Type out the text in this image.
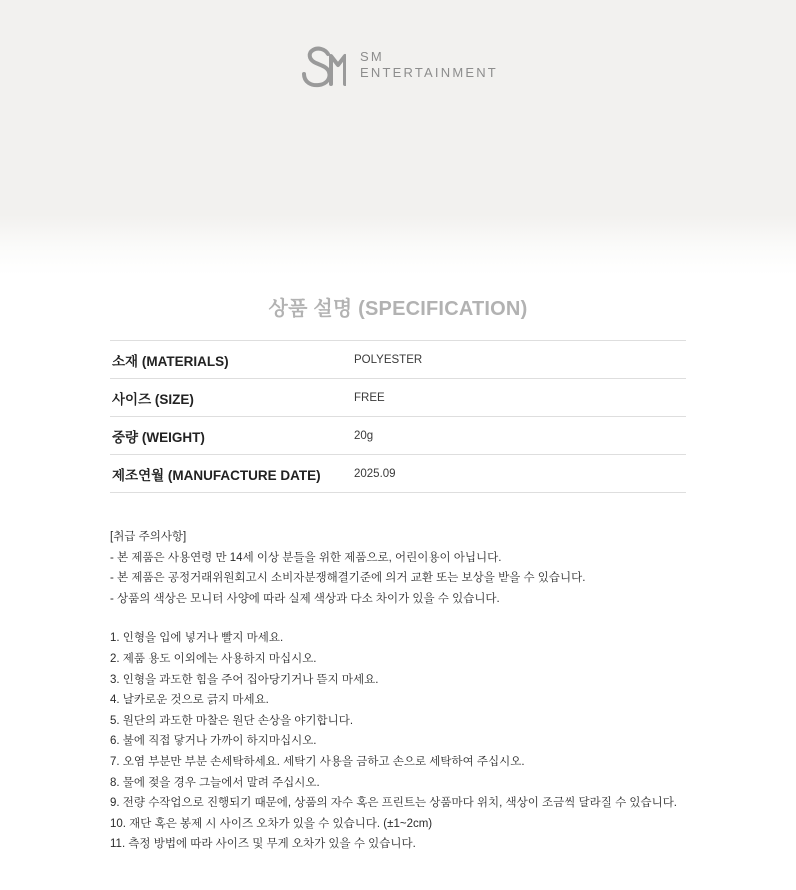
SM
ENTERTAINMENT
상품 설명 (SPECIFICATION)
소재 (MATERIALS)	POLYESTER
사이즈 (SIZE)	FREE
중량 (WEIGHT)	20g
제조연월 (MANUFACTURE DATE)	2025.09
[취급 주의사항]
- 본 제품은 사용연령 만 14세 이상 분들을 위한 제품으로, 어린이용이 아닙니다.
- 본 제품은 공정거래위원회고시 소비자분쟁해결기준에 의거 교환 또는 보상을 받을 수 있습니다.
- 상품의 색상은 모니터 사양에 따라 실제 색상과 다소 차이가 있을 수 있습니다.
1. 인형을 입에 넣거나 빨지 마세요.
2. 제품 용도 이외에는 사용하지 마십시오.
3. 인형을 과도한 힘을 주어 집아당기거나 뜯지 마세요.
4. 날카로운 것으로 긁지 마세요.
5. 원단의 과도한 마찰은 원단 손상을 야기합니다.
6. 불에 직접 닿거나 가까이 하지마십시오.
7. 오염 부분만 부분 손세탁하세요. 세탁기 사용을 금하고 손으로 세탁하여 주십시오.
8. 물에 젖을 경우 그늘에서 말려 주십시오.
9. 전량 수작업으로 진행되기 때문에, 상품의 자수 혹은 프린트는 상품마다 위치, 색상이 조금씩 달라질 수 있습니다.
10. 재단 혹은 봉제 시 사이즈 오차가 있을 수 있습니다. (±1~2cm)
11. 측정 방법에 따라 사이즈 및 무게 오차가 있을 수 있습니다.
